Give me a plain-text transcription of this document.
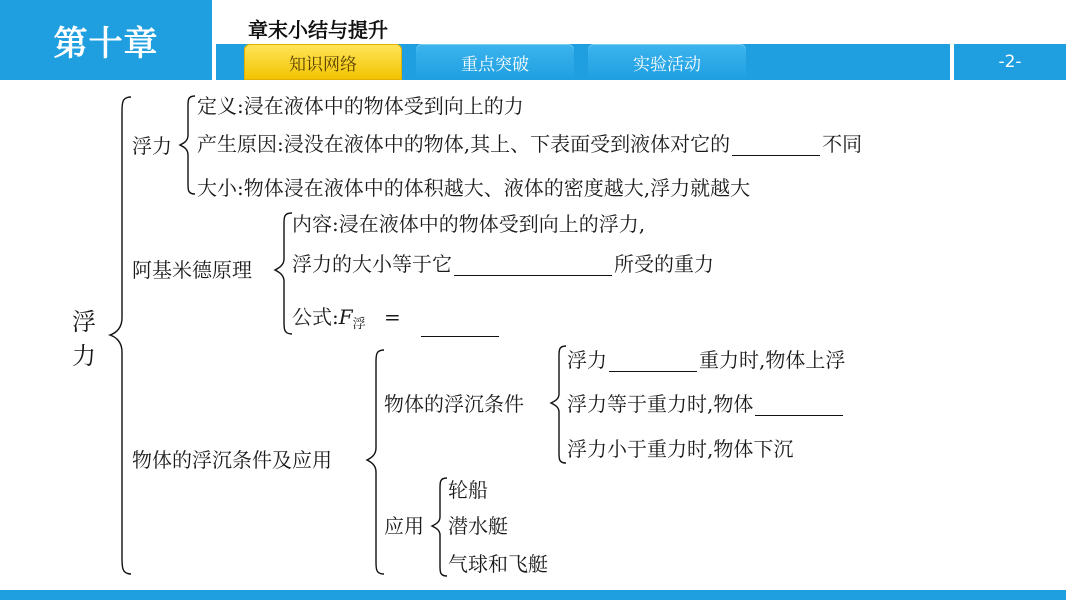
第十章	章末小结与提升
知识网络	重点突破	实验活动	-2-
浮力
浮力
定义:浸在液体中的物体受到向上的力
产生原因:浸没在液体中的物体,其上、下表面受到液体对它的	不同
大小:物体浸在液体中的体积越大、液体的密度越大,浮力就越大
阿基米德原理
内容:浸在液体中的物体受到向上的浮力,
浮力的大小等于它	所受的重力
公式$:F_浮$ =
物体的浮沉条件及应用
物体的浮沉条件
浮力	重力时,物体上浮
浮力等于重力时,物体
浮力小于重力时,物体下沉
应用
轮船
潜水艇
气球和飞艇
